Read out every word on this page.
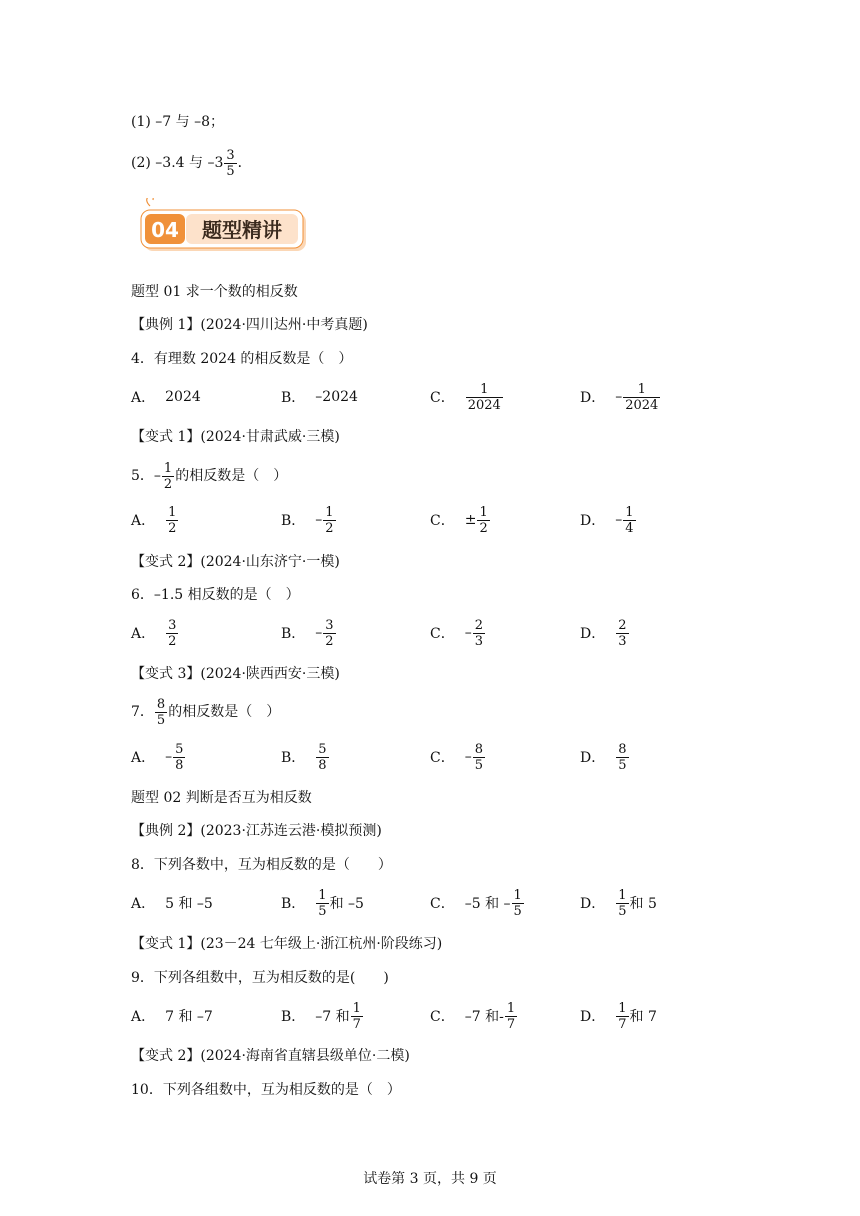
(1) –7 与 –8；
(2) –3.4 与 $-3 \frac{3}{5}$ ．
04 题型精讲
题型 01 求一个数的相反数
【典例 1】(2024·四川达州·中考真题)
4．有理数 2024 的相反数是（　）
A． 2024	B． –2024	C． $\frac{1}{2024}$	D． – $\frac{1}{2024}$
【变式 1】(2024·甘肃武威·三模)
5． – $\frac{1}{2}$ 的相反数是（　）
A． $\frac{1}{2}$	B． – $\frac{1}{2}$	C． ± $\frac{1}{2}$	D． – $\frac{1}{4}$
【变式 2】(2024·山东济宁·一模)
6．–1.5 相反数的是（　）
A． $\frac{3}{2}$	B． – $\frac{3}{2}$	C． – $\frac{2}{3}$	D． $\frac{2}{3}$
【变式 3】(2024·陕西西安·三模)
7． $\frac{8}{5}$ 的相反数是（　）
A． – $\frac{5}{8}$	B． $\frac{5}{8}$	C． – $\frac{8}{5}$	D． $\frac{8}{5}$
题型 02 判断是否互为相反数
【典例 2】(2023·江苏连云港·模拟预测)
8．下列各数中，互为相反数的是（　　）
A． 5 和 –5	B． $\frac{1}{5}$ 和 –5	C． –5 和 – $\frac{1}{5}$	D． $\frac{1}{5}$ 和 5
【变式 1】(23－24 七年级上·浙江杭州·阶段练习)
9．下列各组数中，互为相反数的是(　　)
A． 7 和 –7	B． –7 和 $\frac{1}{7}$	C． –7 和- $\frac{1}{7}$	D． $\frac{1}{7}$ 和 7
【变式 2】(2024·海南省直辖县级单位·二模)
10．下列各组数中，互为相反数的是（　）
试卷第 3 页，共 9 页
